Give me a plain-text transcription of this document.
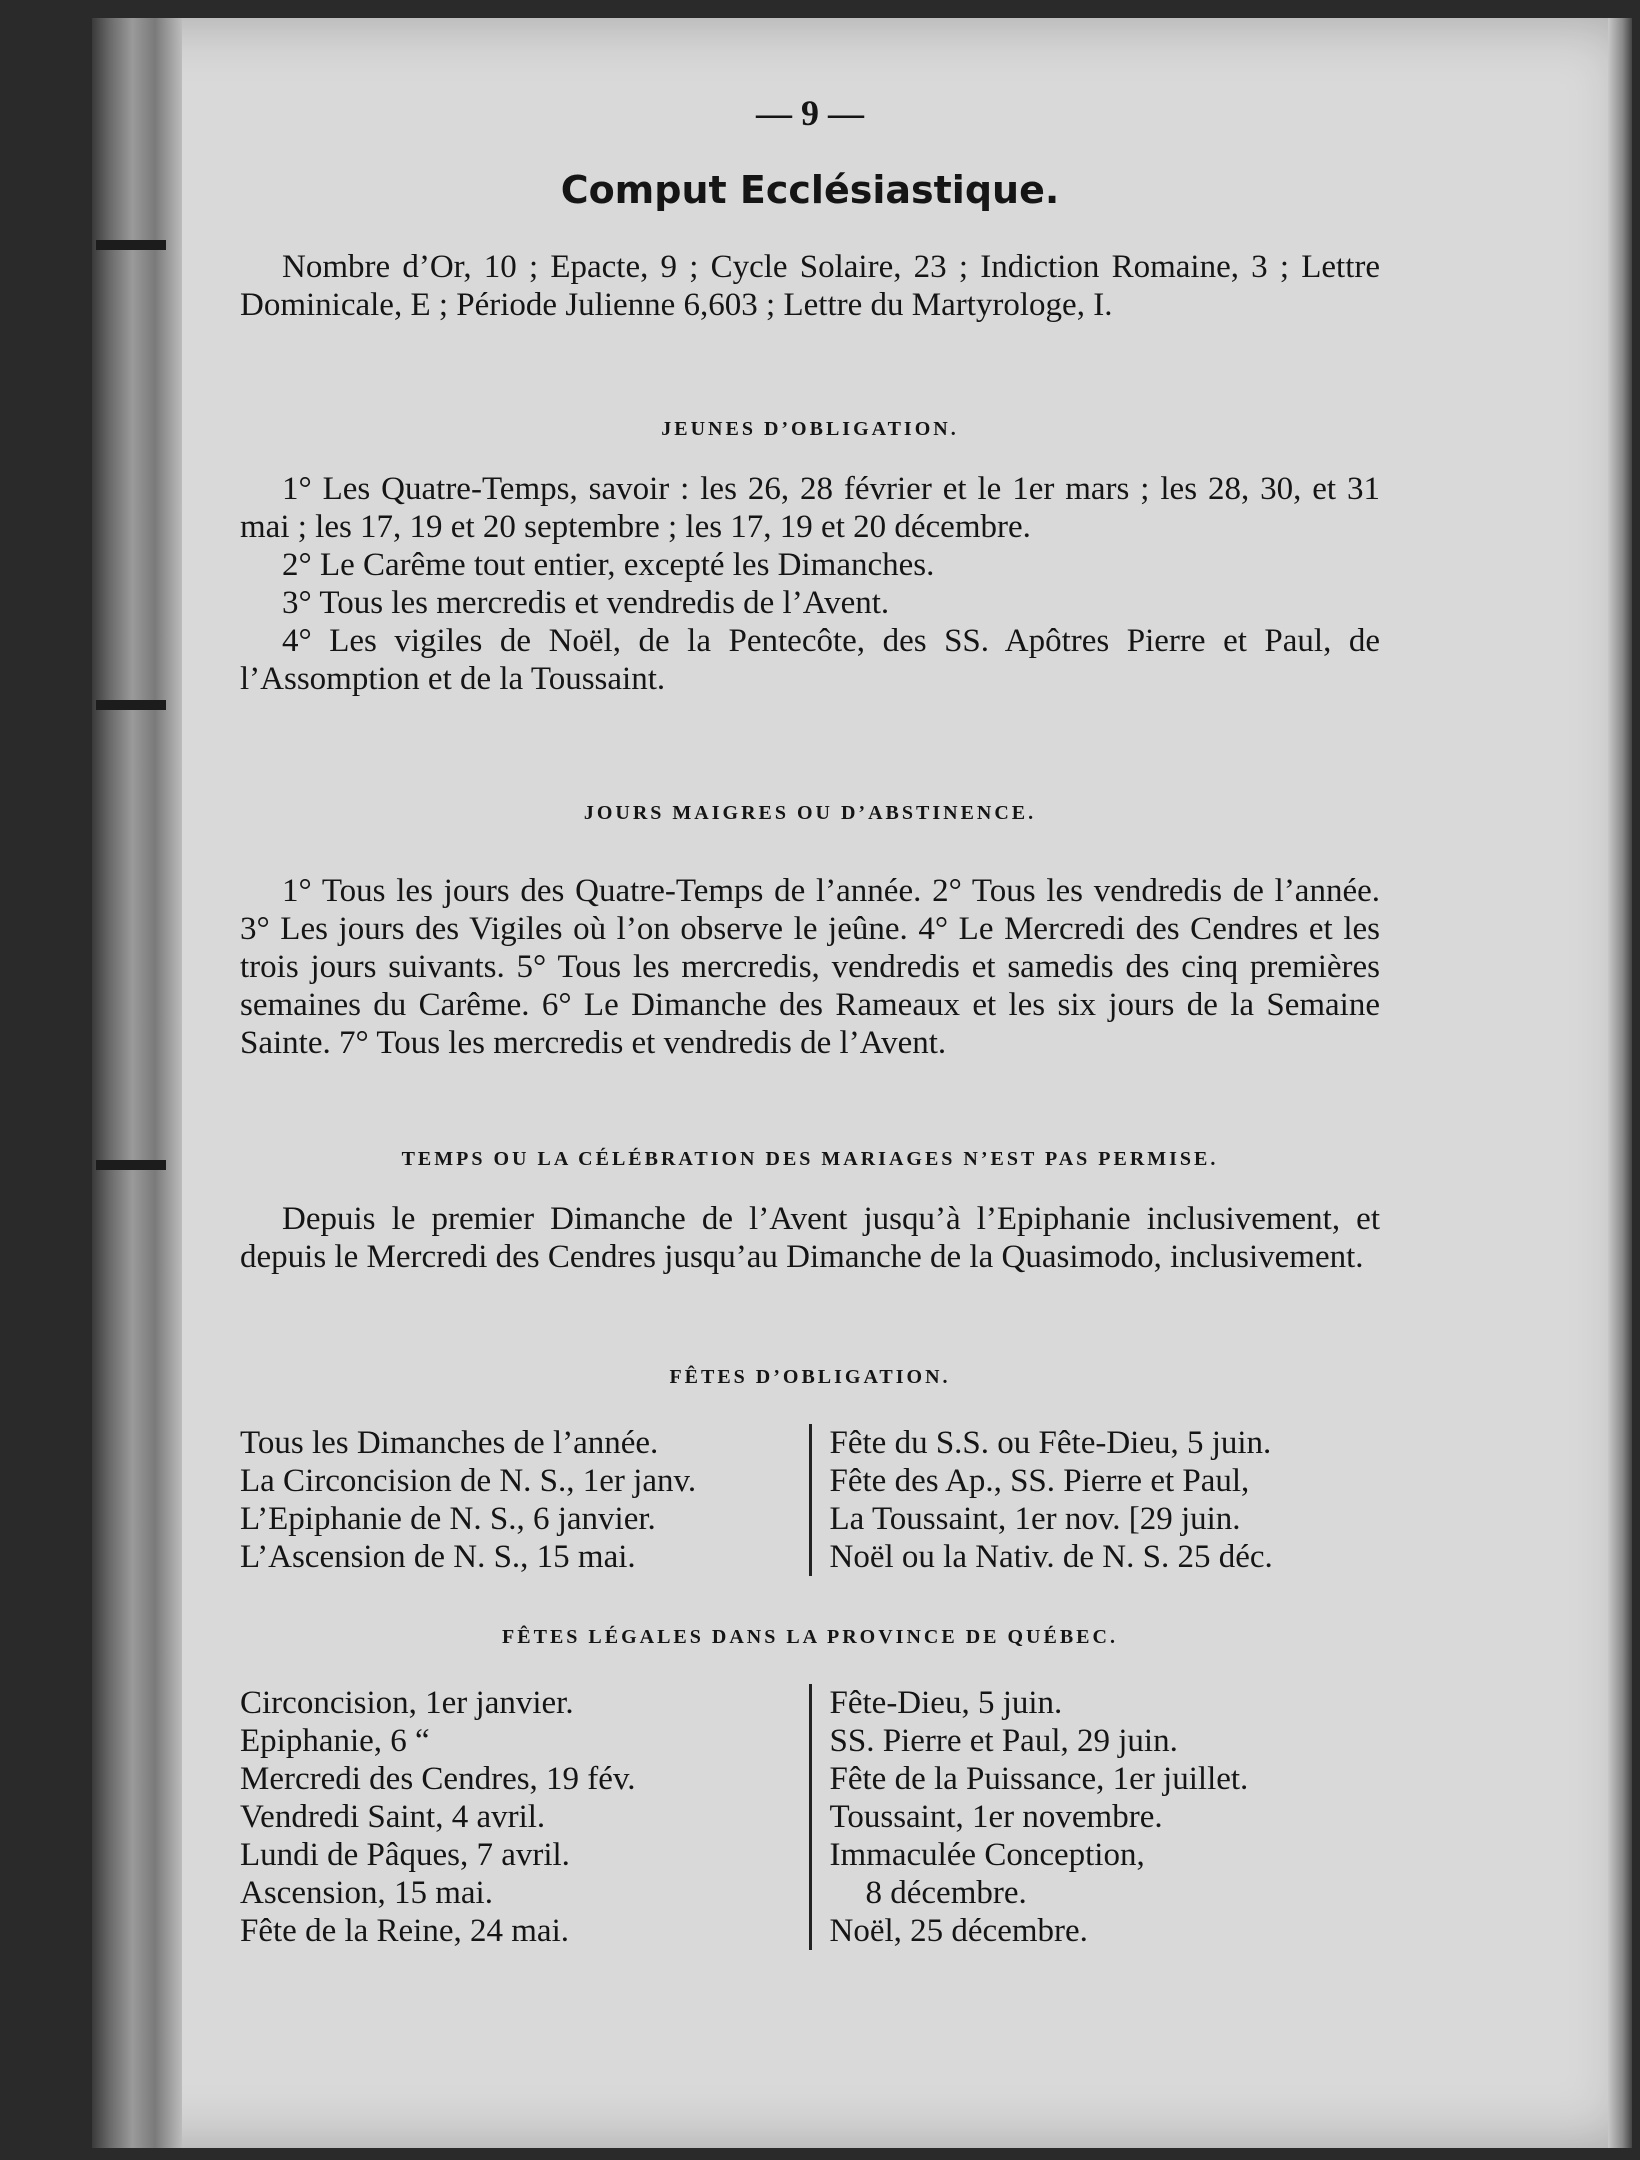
— 9 —
Comput Ecclésiastique.
Nombre d’Or, 10 ; Epacte, 9 ; Cycle Solaire, 23 ; Indiction Romaine, 3 ; Lettre Dominicale, E ; Période Julienne 6,603 ; Lettre du Martyrologe, I.
JEUNES D’OBLIGATION.
1° Les Quatre-Temps, savoir : les 26, 28 février et le 1er mars ; les 28, 30, et 31 mai ; les 17, 19 et 20 septembre ; les 17, 19 et 20 décembre.
2° Le Carême tout entier, excepté les Dimanches.
3° Tous les mercredis et vendredis de l’Avent.
4° Les vigiles de Noël, de la Pentecôte, des SS. Apôtres Pierre et Paul, de l’Assomption et de la Toussaint.
JOURS MAIGRES OU D’ABSTINENCE.
1° Tous les jours des Quatre-Temps de l’année. 2° Tous les vendredis de l’année. 3° Les jours des Vigiles où l’on observe le jeûne. 4° Le Mercredi des Cendres et les trois jours suivants. 5° Tous les mercredis, vendredis et samedis des cinq premières semaines du Carême. 6° Le Dimanche des Rameaux et les six jours de la Semaine Sainte. 7° Tous les mercredis et vendredis de l’Avent.
TEMPS OU LA CÉLÉBRATION DES MARIAGES N’EST PAS PERMISE.
Depuis le premier Dimanche de l’Avent jusqu’à l’Epiphanie inclusivement, et depuis le Mercredi des Cendres jusqu’au Dimanche de la Quasimodo, inclusivement.
FÊTES D’OBLIGATION.
Tous les Dimanches de l’année.
La Circoncision de N. S., 1er janv.
L’Epiphanie de N. S., 6 janvier.
L’Ascension de N. S., 15 mai.
Fête du S.S. ou Fête-Dieu, 5 juin.
Fête des Ap., SS. Pierre et Paul,
La Toussaint, 1er nov. [29 juin.
Noël ou la Nativ. de N. S. 25 déc.
FÊTES LÉGALES DANS LA PROVINCE DE QUÉBEC.
Circoncision, 1er janvier.
Epiphanie, 6 “
Mercredi des Cendres, 19 fév.
Vendredi Saint, 4 avril.
Lundi de Pâques, 7 avril.
Ascension, 15 mai.
Fête de la Reine, 24 mai.
Fête-Dieu, 5 juin.
SS. Pierre et Paul, 29 juin.
Fête de la Puissance, 1er juillet.
Toussaint, 1er novembre.
Immaculée Conception,
8 décembre.
Noël, 25 décembre.
